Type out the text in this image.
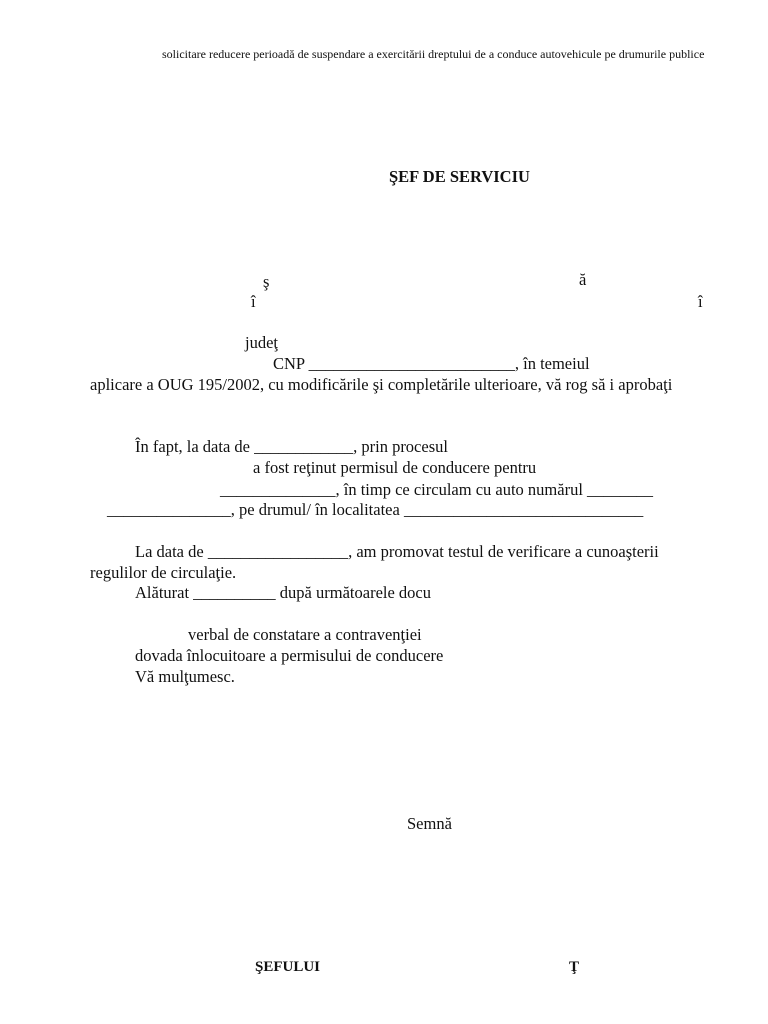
solicitare reducere perioadă de suspendare a exercitării dreptului de a conduce autovehicule pe drumurile publice
ŞEF DE SERVICIU
ş	ă
î	î
judeţ
CNP _________________________, în temeiul
aplicare a OUG 195/2002, cu modificările şi completările ulterioare, vă rog să i aprobaţi
În fapt, la data de ____________, prin procesul
a fost reţinut permisul de conducere pentru
______________, în timp ce circulam cu auto numărul ________
_______________, pe drumul/ în localitatea _____________________________
La data de _________________, am promovat testul de verificare a cunoaşterii
regulilor de circulaţie.
Alăturat __________ după următoarele docu
verbal de constatare a contravenţiei
dovada înlocuitoare a permisului de conducere
Vă mulţumesc.
Semnă
ŞEFULUI	Ţ
